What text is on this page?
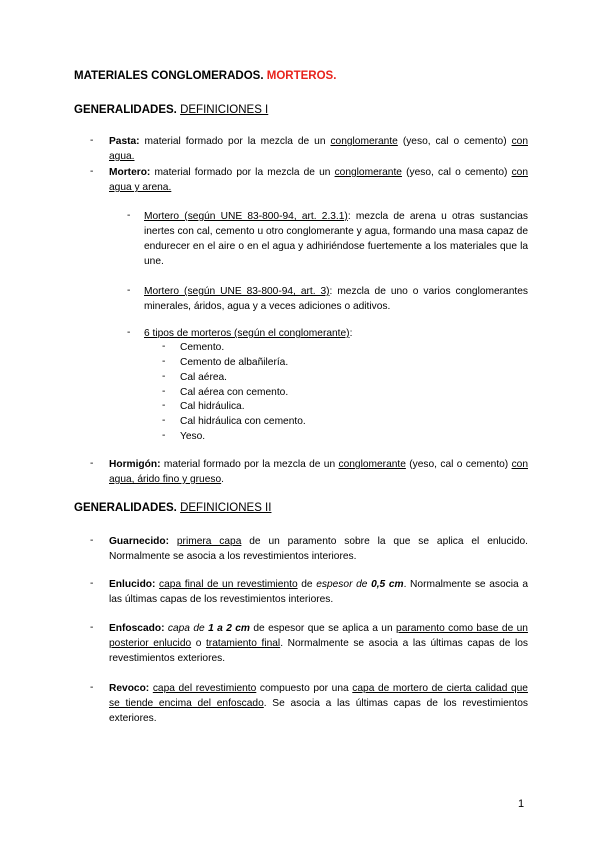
MATERIALES CONGLOMERADOS. MORTEROS.
GENERALIDADES. DEFINICIONES I
- Pasta: material formado por la mezcla de un conglomerante (yeso, cal o cemento) con agua.
- Mortero: material formado por la mezcla de un conglomerante (yeso, cal o cemento) con agua y arena.
- Mortero (según UNE 83-800-94, art. 2.3.1): mezcla de arena u otras sustancias inertes con cal, cemento u otro conglomerante y agua, formando una masa capaz de endurecer en el aire o en el agua y adhiriéndose fuertemente a los materiales que la une.
- Mortero (según UNE 83-800-94, art. 3): mezcla de uno o varios conglomerantes minerales, áridos, agua y a veces adiciones o aditivos.
- 6 tipos de morteros (según el conglomerante):
- Cemento.
- Cemento de albañilería.
- Cal aérea.
- Cal aérea con cemento.
- Cal hidráulica.
- Cal hidráulica con cemento.
- Yeso.
- Hormigón: material formado por la mezcla de un conglomerante (yeso, cal o cemento) con agua, árido fino y grueso.
GENERALIDADES. DEFINICIONES II
- Guarnecido: primera capa de un paramento sobre la que se aplica el enlucido. Normalmente se asocia a los revestimientos interiores.
- Enlucido: capa final de un revestimiento de espesor de 0,5 cm. Normalmente se asocia a las últimas capas de los revestimientos interiores.
- Enfoscado: capa de 1 a 2 cm de espesor que se aplica a un paramento como base de un posterior enlucido o tratamiento final. Normalmente se asocia a las últimas capas de los revestimientos exteriores.
- Revoco: capa del revestimiento compuesto por una capa de mortero de cierta calidad que se tiende encima del enfoscado. Se asocia a las últimas capas de los revestimientos exteriores.
1
